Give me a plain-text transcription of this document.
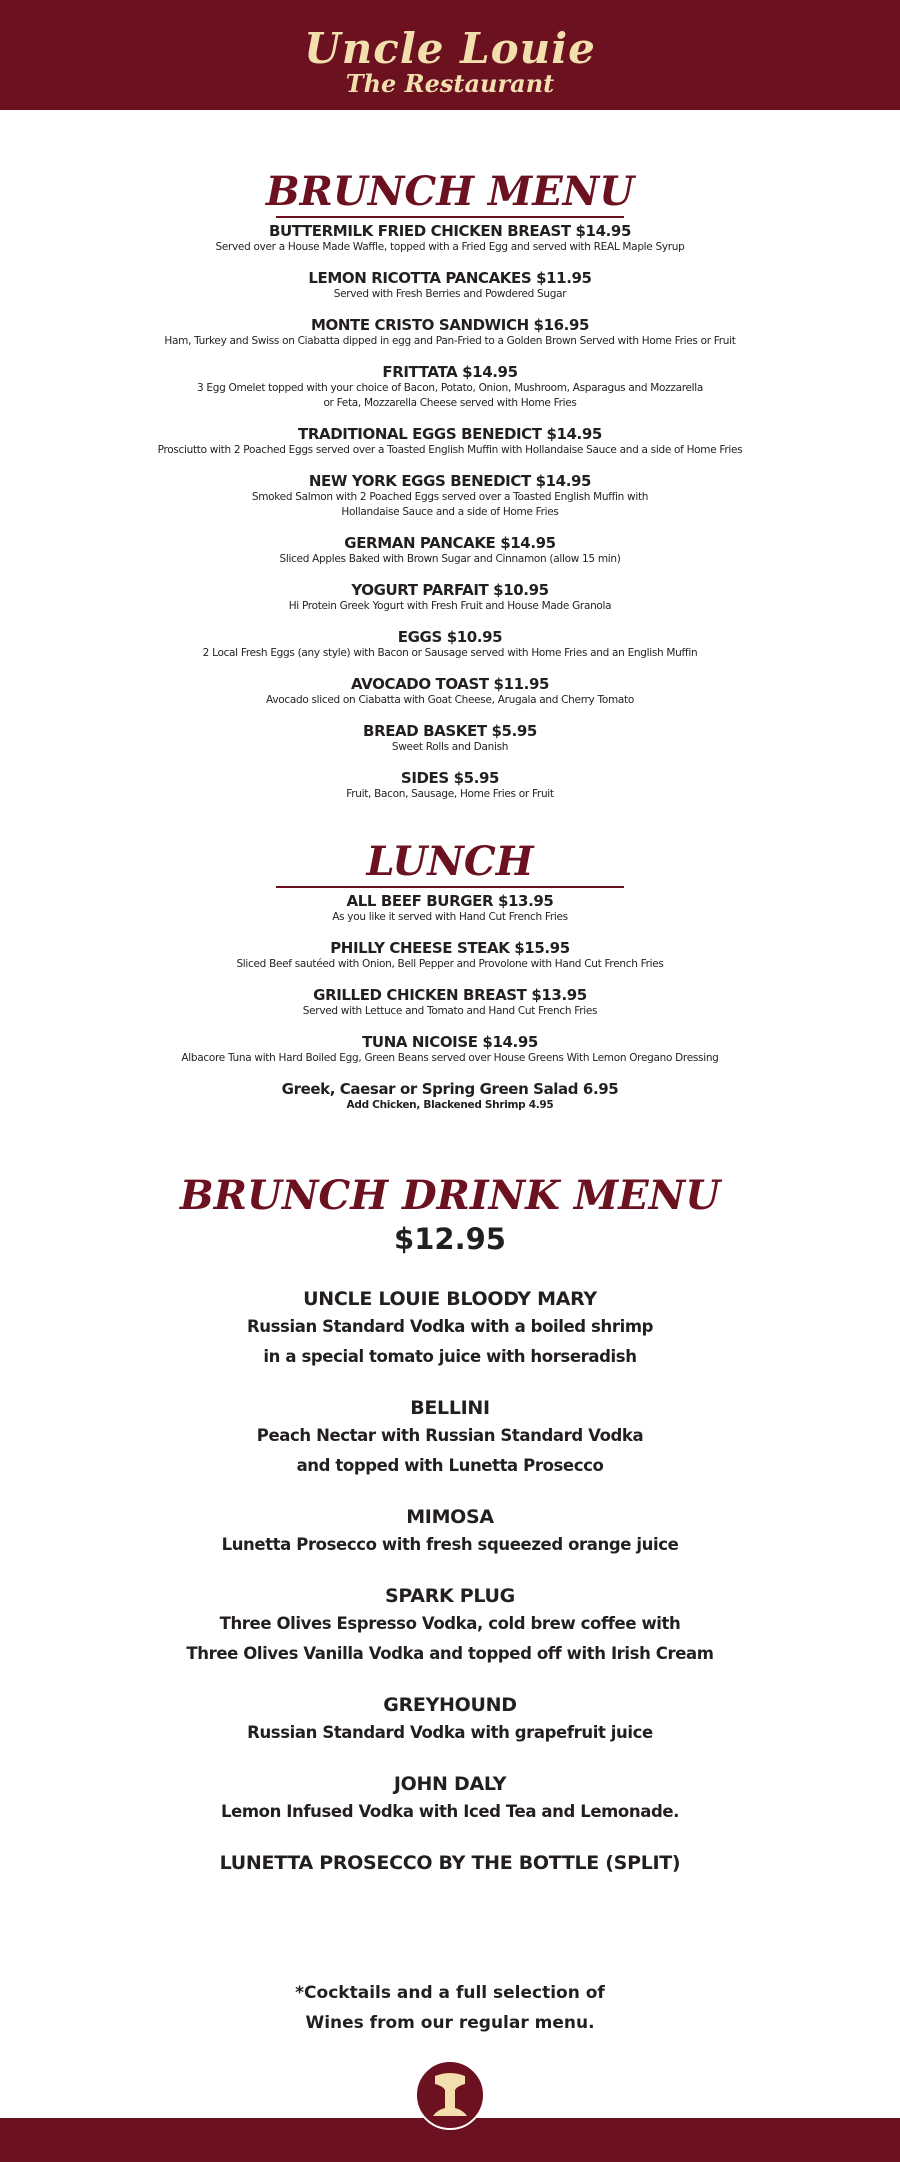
Uncle Louie

The Restaurant

BRUNCH MENU
BUTTERMILK FRIED CHICKEN BREAST $14.95
Served over a House Made Waffle, topped with a Fried Egg and served with REAL Maple Syrup
LEMON RICOTTA PANCAKES $11.95
Served with Fresh Berries and Powdered Sugar
MONTE CRISTO SANDWICH $16.95
Ham, Turkey and Swiss on Ciabatta dipped in egg and Pan-Fried to a Golden Brown Served with Home Fries or Fruit
FRITTATA $14.95
3 Egg Omelet topped with your choice of Bacon, Potato, Onion, Mushroom, Asparagus and Mozzarella
or Feta, Mozzarella Cheese served with Home Fries
TRADITIONAL EGGS BENEDICT $14.95
Prosciutto with 2 Poached Eggs served over a Toasted English Muffin with Hollandaise Sauce and a side of Home Fries
NEW YORK EGGS BENEDICT $14.95
Smoked Salmon with 2 Poached Eggs served over a Toasted English Muffin with
Hollandaise Sauce and a side of Home Fries
GERMAN PANCAKE $14.95
Sliced Apples Baked with Brown Sugar and Cinnamon (allow 15 min)
YOGURT PARFAIT $10.95
Hi Protein Greek Yogurt with Fresh Fruit and House Made Granola
EGGS $10.95
2 Local Fresh Eggs (any style) with Bacon or Sausage served with Home Fries and an English Muffin
AVOCADO TOAST $11.95
Avocado sliced on Ciabatta with Goat Cheese, Arugala and Cherry Tomato
BREAD BASKET $5.95
Sweet Rolls and Danish
SIDES $5.95
Fruit, Bacon, Sausage, Home Fries or Fruit
LUNCH
ALL BEEF BURGER $13.95
As you like it served with Hand Cut French Fries
PHILLY CHEESE STEAK $15.95
Sliced Beef sautéed with Onion, Bell Pepper and Provolone with Hand Cut French Fries
GRILLED CHICKEN BREAST $13.95
Served with Lettuce and Tomato and Hand Cut French Fries
TUNA NICOISE $14.95
Albacore Tuna with Hard Boiled Egg, Green Beans served over House Greens With Lemon Oregano Dressing
Greek, Caesar or Spring Green Salad 6.95
Add Chicken, Blackened Shrimp 4.95
BRUNCH DRINK MENU
$12.95
UNCLE LOUIE BLOODY MARY
Russian Standard Vodka with a boiled shrimp
in a special tomato juice with horseradish
BELLINI
Peach Nectar with Russian Standard Vodka
and topped with Lunetta Prosecco
MIMOSA
Lunetta Prosecco with fresh squeezed orange juice
SPARK PLUG
Three Olives Espresso Vodka, cold brew coffee with
Three Olives Vanilla Vodka and topped off with Irish Cream
GREYHOUND
Russian Standard Vodka with grapefruit juice
JOHN DALY
Lemon Infused Vodka with Iced Tea and Lemonade.
LUNETTA PROSECCO BY THE BOTTLE (SPLIT)
*Cocktails and a full selection of
Wines from our regular menu.
